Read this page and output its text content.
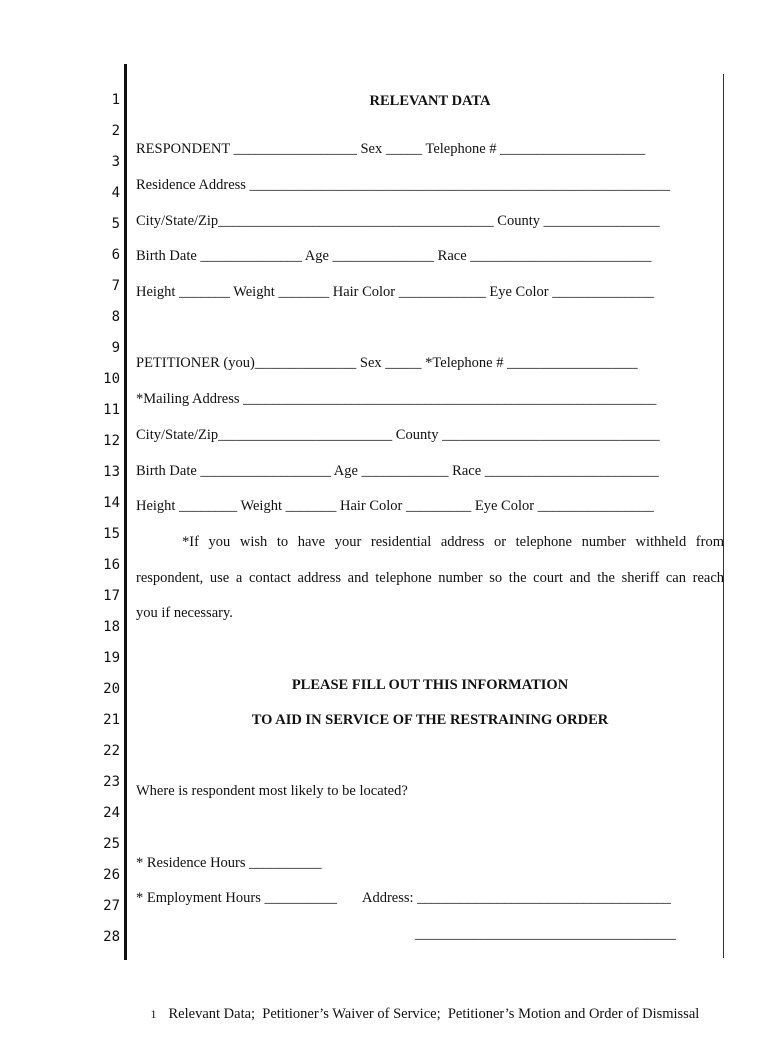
1
2
3
4
5
6
7
8
9
10
11
12
13
14
15
16
17
18
19
20
21
22
23
24
25
26
27
28
RELEVANT DATA
RESPONDENT _________________ Sex _____ Telephone # ____________________
Residence Address __________________________________________________________
City/State/Zip______________________________________ County ________________
Birth Date ______________ Age ______________ Race _________________________
Height _______ Weight _______ Hair Color ____________ Eye Color ______________
PETITIONER (you)______________ Sex _____ *Telephone # __________________
*Mailing Address _________________________________________________________
City/State/Zip________________________ County ______________________________
Birth Date __________________ Age ____________ Race ________________________
Height ________ Weight _______ Hair Color _________ Eye Color ________________
*If you wish to have your residential address or telephone number withheld from
respondent, use a contact address and telephone number so the court and the sheriff can reach
you if necessary.
PLEASE FILL OUT THIS INFORMATION
TO AID IN SERVICE OF THE RESTRAINING ORDER
Where is respondent most likely to be located?
* Residence Hours __________
* Employment Hours __________ Address: ___________________________________
____________________________________

1 Relevant Data;  Petitioner’s Waiver of Service;  Petitioner’s Motion and Order of Dismissal
